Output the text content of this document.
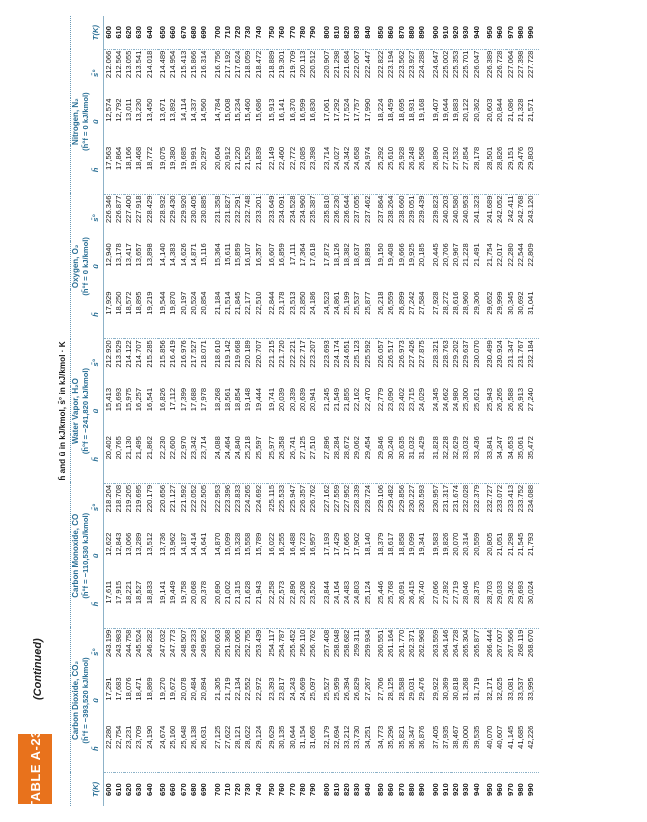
TABLE A-23
(Continued)
h̄ and ū in kJ/kmol, s̄° in kJ/kmol · K																
	Carbon Dioxide, CO₂			Carbon Monoxide, CO			Water Vapor, H₂O			Oxygen, O₂			Nitrogen, N₂			
	(h̄°f = −393,520 kJ/kmol)			(h̄°f = −110,530 kJ/kmol)			(h̄°f = −241,820 kJ/kmol)			(h̄°f = 0 kJ/kmol)			(h̄°f = 0 kJ/kmol)			
T(K)	h̄	ū	s̄°	h̄	ū	s̄°	h̄	ū	s̄°	h̄	ū	s̄°	h̄	ū	s̄°	T(K)
600	22,280	17,291	243.199	17,611	12,622	218.204	20,402	15,413	212.920	17,929	12,940	226.346	17,563	12,574	212.066	600
610	22,754	17,683	243.983	17,915	12,843	218.708	20,765	15,693	213.529	18,250	13,178	226.877	17,864	12,792	212.564	610
620	23,231	18,076	244.758	18,221	13,066	219.205	21,130	15,975	214.122	18,572	13,417	227.400	18,166	13,011	213.055	620
630	23,709	18,471	245.524	18,527	13,289	219.695	21,495	16,257	214.707	18,895	13,657	227.918	18,468	13,230	213.541	630
640	24,190	18,869	246.282	18,833	13,512	220.179	21,862	16,541	215.285	19,219	13,898	228.429	18,772	13,450	214.018	640
650	24,674	19,270	247.032	19,141	13,736	220.656	22,230	16,826	215.856	19,544	14,140	228.932	19,075	13,671	214.489	650
660	25,160	19,672	247.773	19,449	13,962	221.127	22,600	17,112	216.419	19,870	14,383	229.430	19,380	13,892	214.954	660
670	25,648	20,078	248.507	19,758	14,187	221.592	22,970	17,399	216.976	20,197	14,626	229.920	19,685	14,114	215.413	670
680	26,138	20,484	249.233	20,068	14,414	222.052	23,342	17,688	217.527	20,524	14,871	230.405	19,991	14,337	215.866	680
690	26,631	20,894	249.952	20,378	14,641	222.505	23,714	17,978	218.071	20,854	15,116	230.885	20,297	14,560	216.314	690
700	27,125	21,305	250.663	20,690	14,870	222.953	24,088	18,268	218.610	21,184	15,364	231.358	20,604	14,784	216.756	700
710	27,622	21,719	251.368	21,002	15,099	223.396	24,464	18,561	219.142	21,514	15,611	231.827	20,912	15,008	217.192	710
720	28,121	22,134	252.065	21,315	15,328	223.833	24,840	18,854	219.668	21,845	15,859	232.291	21,220	15,234	217.624	720
730	28,622	22,552	252.755	21,628	15,558	224.265	25,218	19,148	220.189	22,177	16,107	232.748	21,529	15,460	218.059	730
740	29,124	22,972	253.439	21,943	15,789	224.692	25,597	19,444	220.707	22,510	16,357	233.201	21,839	15,686	218.472	740
750	29,629	23,393	254.117	22,258	16,022	225.115	25,977	19,741	221.215	22,844	16,607	233.649	22,149	15,913	218.889	750
760	30,135	23,817	254.787	22,573	16,255	225.533	26,358	20,039	221.720	23,178	16,859	234.091	22,460	16,141	219.301	760
770	30,644	24,243	255.452	22,890	16,488	225.947	26,741	20,339	222.221	23,513	17,111	234.528	22,772	16,370	219.709	770
780	31,154	24,669	256.110	23,208	16,723	226.357	27,125	20,639	222.717	23,850	17,364	234.960	23,085	16,599	220.113	780
790	31,665	25,097	256.762	23,526	16,957	226.762	27,510	20,941	223.207	24,186	17,618	235.387	23,398	16,830	220.512	790
800	32,179	25,527	257.408	23,844	17,193	227.162	27,896	21,245	223.693	24,523	17,872	235.810	23,714	17,061	220.907	800
810	32,694	25,959	258.048	24,164	17,429	227.559	28,284	21,549	224.174	24,861	18,126	236.230	24,027	17,292	221.298	810
820	33,212	26,394	258.682	24,483	17,665	227.952	28,672	21,855	224.651	25,199	18,382	236.644	24,342	17,524	221.684	820
830	33,730	26,829	259.311	24,803	17,902	228.339	29,062	22,162	225.123	25,537	18,637	237.055	24,658	17,757	222.067	830
840	34,251	27,267	259.934	25,124	18,140	228.724	29,454	22,470	225.592	25,877	18,893	237.462	24,974	17,990	222.447	840
850	34,773	27,706	260.551	25,446	18,379	229.106	29,846	22,779	226.057	26,218	19,150	237.864	25,292	18,224	222.822	850
860	35,296	28,125	261.164	25,768	18,617	229.482	30,240	23,090	226.517	26,559	19,408	238.264	25,610	18,459	223.194	860
870	35,821	28,588	261.770	26,091	18,858	229.856	30,635	23,402	226.973	26,899	19,666	238.660	25,928	18,695	223.562	870
880	36,347	29,031	262.371	26,415	19,099	230.227	31,032	23,715	227.426	27,242	19,925	239.051	26,248	18,931	223.927	880
890	36,876	29,476	262.968	26,740	19,341	230.593	31,429	24,029	227.875	27,584	20,185	239.439	26,568	19,168	224.288	890
900	37,405	29,922	263.559	27,066	19,583	230.957	31,828	24,345	228.321	27,928	20,445	239.823	26,890	19,407	224.647	900
910	37,935	30,369	264.146	27,392	19,826	231.317	32,228	24,662	228.763	28,272	20,706	240.203	27,210	19,644	225.002	910
920	38,467	30,818	264.728	27,719	20,070	231.674	32,629	24,980	229.202	28,616	20,967	240.580	27,532	19,883	225.353	920
930	39,000	31,268	265.304	28,046	20,314	232.028	33,032	25,300	229.637	28,960	21,228	240.953	27,854	20,122	225.701	930
940	39,535	31,719	265.877	28,375	20,559	232.379	33,436	25,621	230.070	29,306	21,491	241.323	28,178	20,362	226.047	940
950	40,070	32,171	266.444	28,703	20,805	232.727	33,841	25,943	230.499	29,652	21,754	241.689	28,501	20,603	226.389	950
960	40,607	32,625	267.007	29,033	21,051	233.072	34,247	26,265	230.924	29,999	22,017	242.052	28,826	20,844	226.728	960
970	41,145	33,081	267.566	29,362	21,298	233.413	34,653	26,588	231.347	30,345	22,280	242.411	29,151	21,086	227.064	970
980	41,685	33,537	268.119	29,693	21,545	233.752	35,061	26,913	231.767	30,692	22,544	242.768	29,476	21,328	227.398	980
990	42,226	33,995	268.670	30,024	21,793	234.088	35,472	27,240	232.184	31,041	22,809	243.120	29,803	21,571	227.728	990
